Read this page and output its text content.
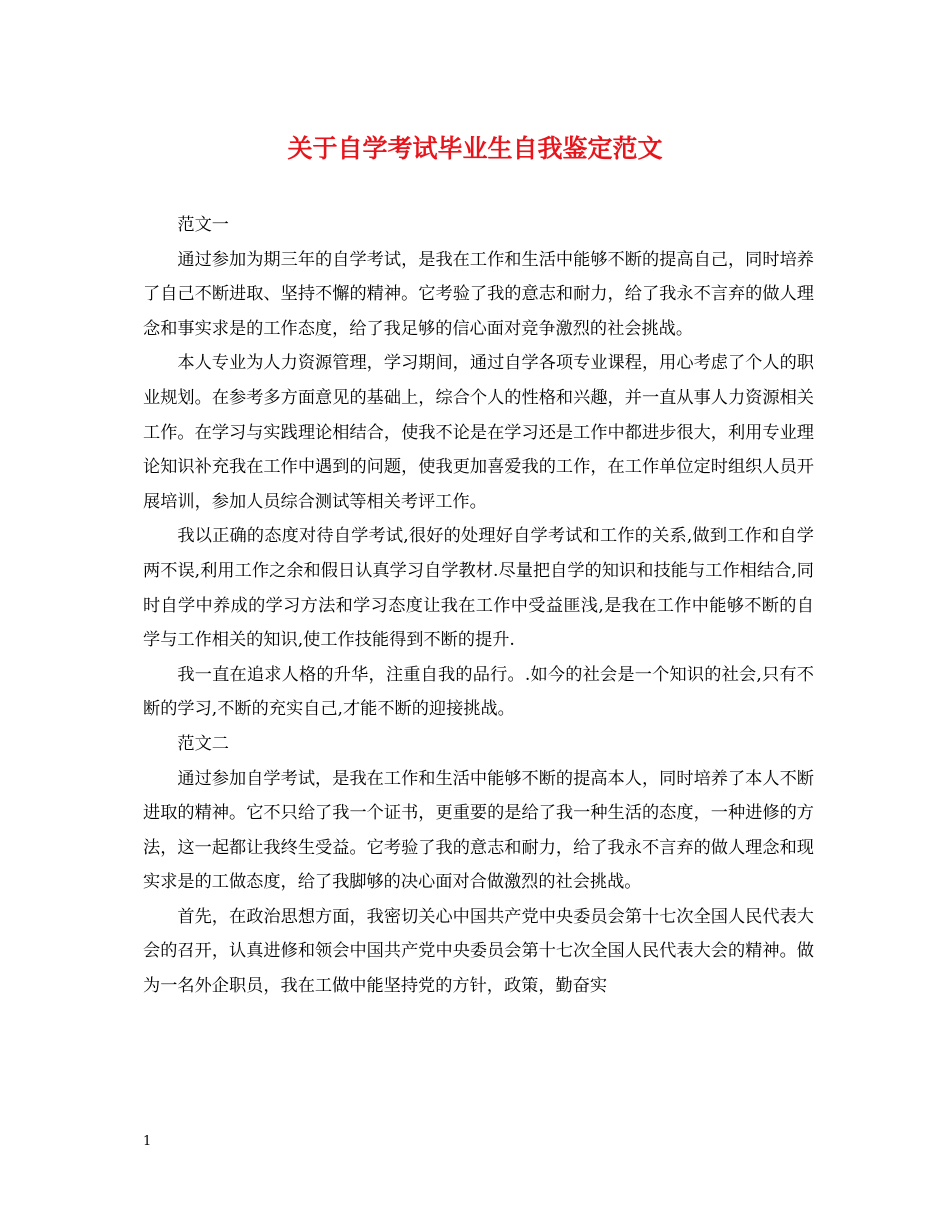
关于自学考试毕业生自我鉴定范文

范文一

通过参加为期三年的自学考试，是我在工作和生活中能够不断的提高自己，同时培养了自己不断进取、坚持不懈的精神。它考验了我的意志和耐力，给了我永不言弃的做人理念和事实求是的工作态度，给了我足够的信心面对竞争激烈的社会挑战。

本人专业为人力资源管理，学习期间，通过自学各项专业课程，用心考虑了个人的职业规划。在参考多方面意见的基础上，综合个人的性格和兴趣，并一直从事人力资源相关工作。在学习与实践理论相结合，使我不论是在学习还是工作中都进步很大，利用专业理论知识补充我在工作中遇到的问题，使我更加喜爱我的工作，在工作单位定时组织人员开展培训，参加人员综合测试等相关考评工作。

我以正确的态度对待自学考试,很好的处理好自学考试和工作的关系,做到工作和自学两不误,利用工作之余和假日认真学习自学教材.尽量把自学的知识和技能与工作相结合,同时自学中养成的学习方法和学习态度让我在工作中受益匪浅,是我在工作中能够不断的自学与工作相关的知识,使工作技能得到不断的提升.

我一直在追求人格的升华，注重自我的品行。.如今的社会是一个知识的社会,只有不断的学习,不断的充实自己,才能不断的迎接挑战。

范文二

通过参加自学考试，是我在工作和生活中能够不断的提高本人，同时培养了本人不断进取的精神。它不只给了我一个证书，更重要的是给了我一种生活的态度，一种进修的方法，这一起都让我终生受益。它考验了我的意志和耐力，给了我永不言弃的做人理念和现实求是的工做态度，给了我脚够的决心面对合做激烈的社会挑战。

首先，在政治思想方面，我密切关心中国共产党中央委员会第十七次全国人民代表大会的召开，认真进修和领会中国共产党中央委员会第十七次全国人民代表大会的精神。做为一名外企职员，我在工做中能坚持党的方针，政策，勤奋实

1
